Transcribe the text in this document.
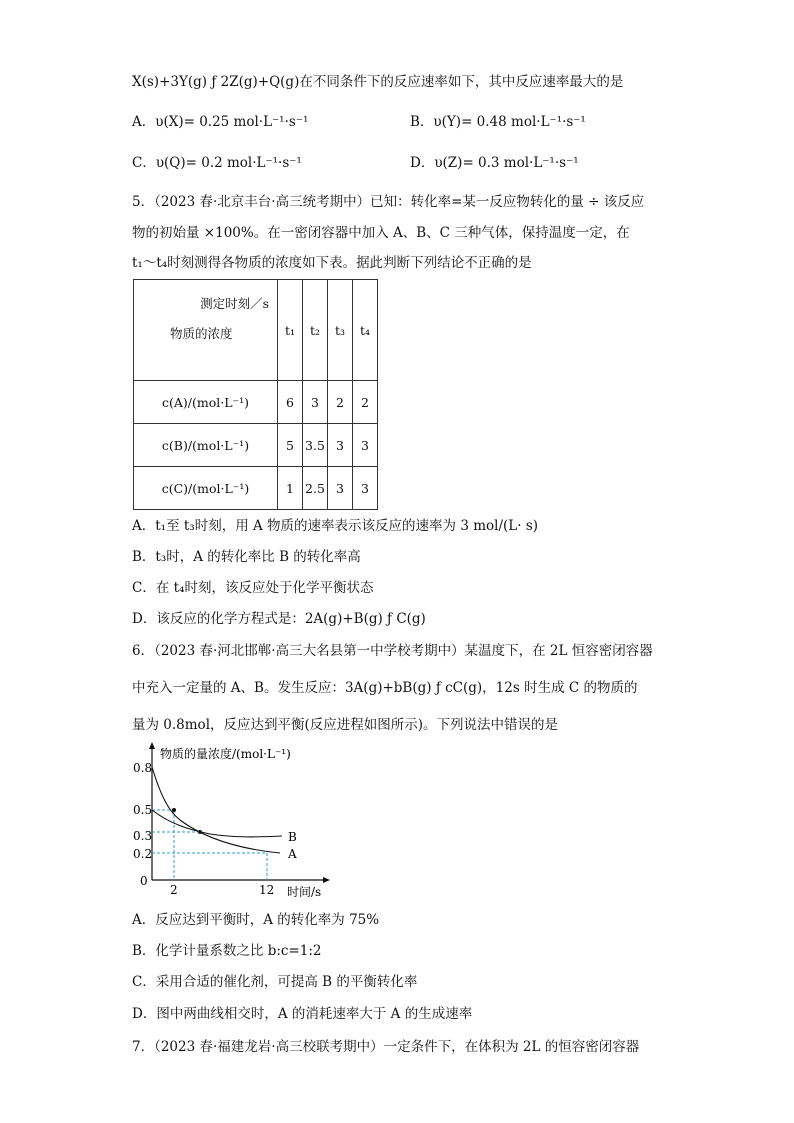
X(s)+3Y(g) ƒ 2Z(g)+Q(g)在不同条件下的反应速率如下，其中反应速率最大的是
A．υ(X)= 0.25 mol·L⁻¹·s⁻¹	B．υ(Y)= 0.48 mol·L⁻¹·s⁻¹
C．υ(Q)= 0.2 mol·L⁻¹·s⁻¹	D．υ(Z)= 0.3 mol·L⁻¹·s⁻¹
5．（2023 春·北京丰台·高三统考期中）已知：转化率=某一反应物转化的量 ÷ 该反应
物的初始量 ×100%。在一密闭容器中加入 A、B、C 三种气体，保持温度一定，在
t₁～t₄时刻测得各物质的浓度如下表。据此判断下列结论不正确的是
测定时刻／s
物质的浓度	t₁	t₂	t₃	t₄
c(A)/(mol·L⁻¹)	6	3	2	2
c(B)/(mol·L⁻¹)	5	3.5	3	3
c(C)/(mol·L⁻¹)	1	2.5	3	3
A．t₁至 t₃时刻，用 A 物质的速率表示该反应的速率为 3 mol/(L· s)
B．t₃时，A 的转化率比 B 的转化率高
C．在 t₄时刻，该反应处于化学平衡状态
D．该反应的化学方程式是：2A(g)+B(g) ƒ C(g)
6．（2023 春·河北邯郸·高三大名县第一中学校考期中）某温度下，在 2L 恒容密闭容器
中充入一定量的 A、B。发生反应：3A(g)+bB(g) ƒ cC(g)，12s 时生成 C 的物质的
量为 0.8mol，反应达到平衡(反应进程如图所示)。下列说法中错误的是
物质的量浓度/(mol·L⁻¹)
0.8
0.5
0.3
0.2
0
2	12 时间/s
B
A
A．反应达到平衡时，A 的转化率为 75%
B．化学计量系数之比 b:c=1:2
C．采用合适的催化剂，可提高 B 的平衡转化率
D．图中两曲线相交时，A 的消耗速率大于 A 的生成速率
7．（2023 春·福建龙岩·高三校联考期中）一定条件下，在体积为 2L 的恒容密闭容器
